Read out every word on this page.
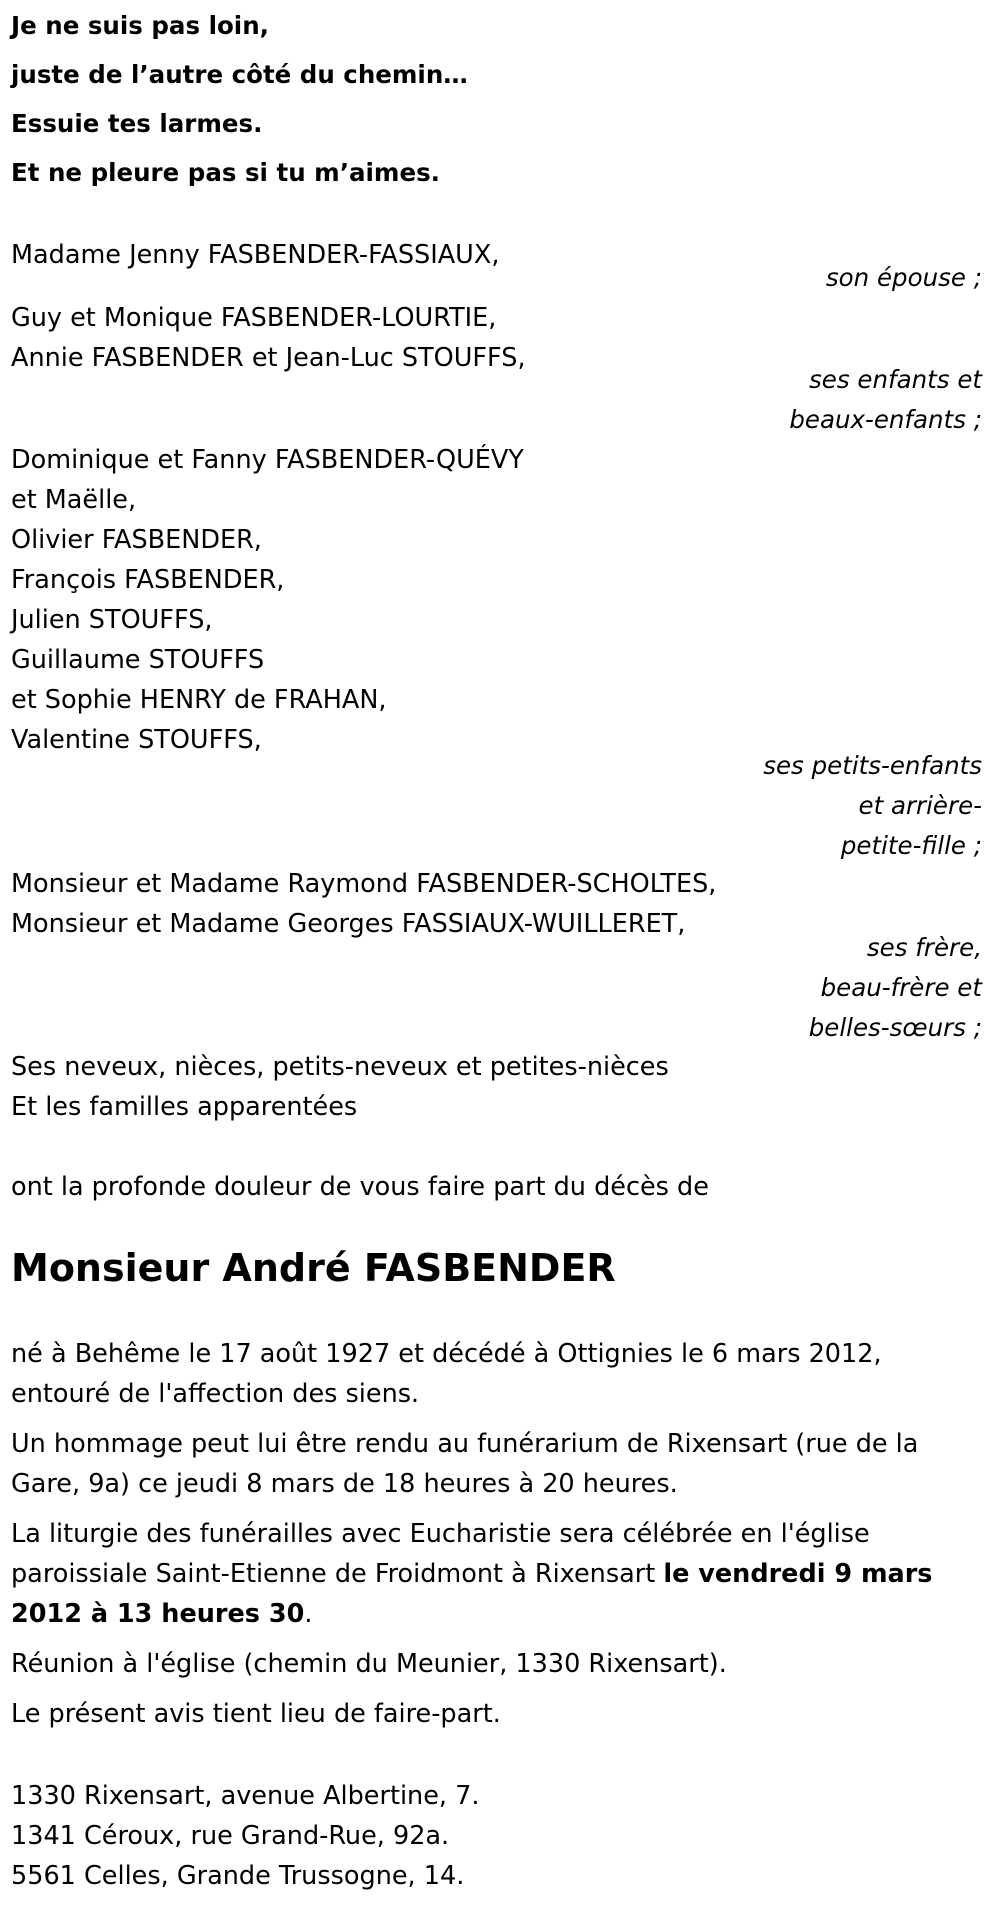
Je ne suis pas loin,
juste de l’autre côté du chemin…
Essuie tes larmes.
Et ne pleure pas si tu m’aimes.
Madame Jenny FASBENDER-FASSIAUX,
son épouse ;
Guy et Monique FASBENDER-LOURTIE,
Annie FASBENDER et Jean-Luc STOUFFS,
ses enfants et
beaux-enfants ;
Dominique et Fanny FASBENDER-QUÉVY
et Maëlle,
Olivier FASBENDER,
François FASBENDER,
Julien STOUFFS,
Guillaume STOUFFS
et Sophie HENRY de FRAHAN,
Valentine STOUFFS,
ses petits-enfants
et arrière-
petite-fille ;
Monsieur et Madame Raymond FASBENDER-SCHOLTES,
Monsieur et Madame Georges FASSIAUX-WUILLERET,
ses frère,
beau-frère et
belles-sœurs ;
Ses neveux, nièces, petits-neveux et petites-nièces
Et les familles apparentées
ont la profonde douleur de vous faire part du décès de
Monsieur André FASBENDER
né à Behême le 17 août 1927 et décédé à Ottignies le 6 mars 2012,
entouré de l'affection des siens.
Un hommage peut lui être rendu au funérarium de Rixensart (rue de la
Gare, 9a) ce jeudi 8 mars de 18 heures à 20 heures.
La liturgie des funérailles avec Eucharistie sera célébrée en l'église
paroissiale Saint-Etienne de Froidmont à Rixensart le vendredi 9 mars
2012 à 13 heures 30.
Réunion à l'église (chemin du Meunier, 1330 Rixensart).
Le présent avis tient lieu de faire-part.
1330 Rixensart, avenue Albertine, 7.
1341 Céroux, rue Grand-Rue, 92a.
5561 Celles, Grande Trussogne, 14.
